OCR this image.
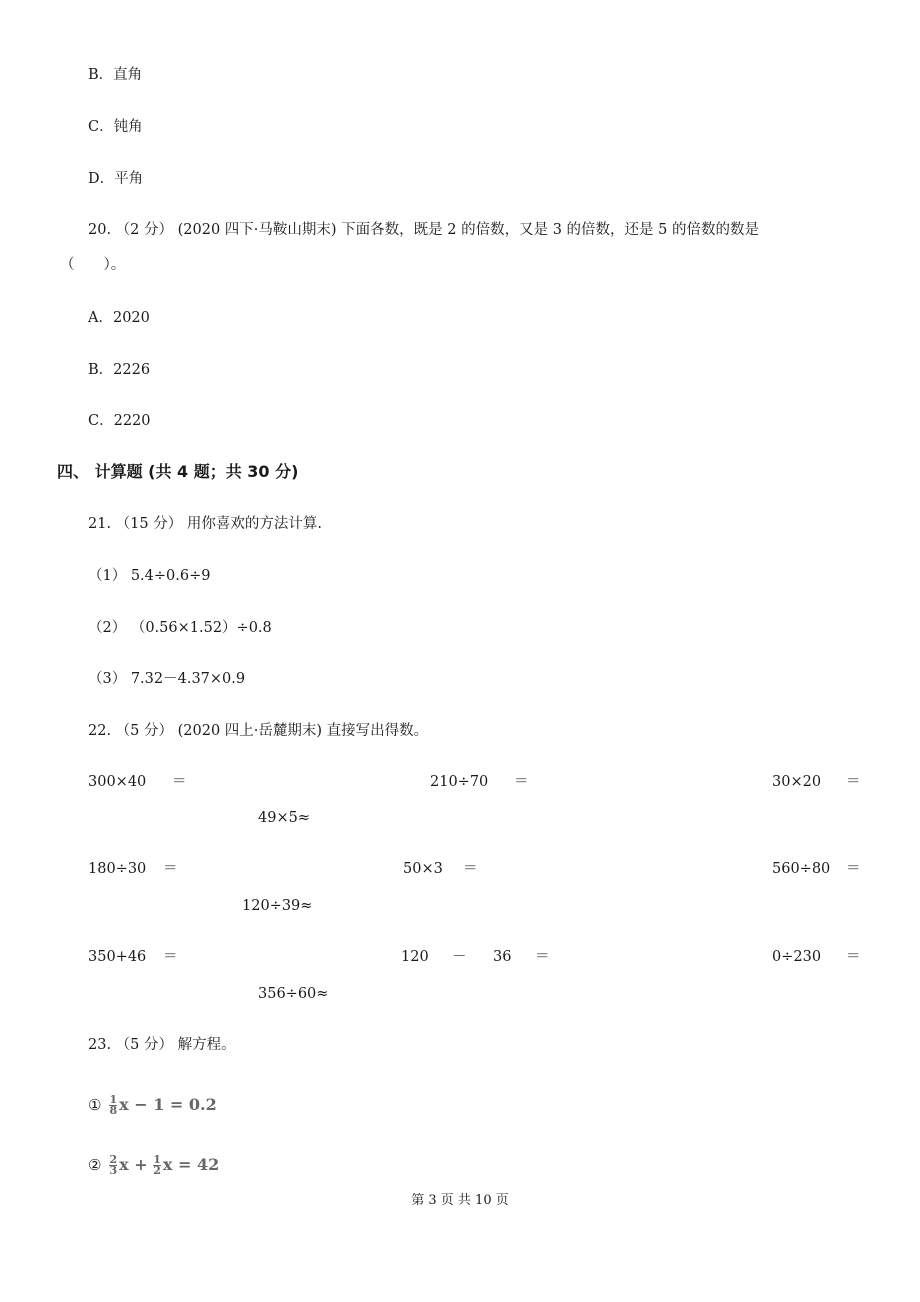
B．直角
C．钝角
D．平角
20. （2 分） (2020 四下·马鞍山期末) 下面各数，既是 2 的倍数，又是 3 的倍数，还是 5 的倍数的数是
（　　）。
A．2020
B．2226
C．2220
四、 计算题 (共 4 题；共 30 分)
21. （15 分） 用你喜欢的方法计算.
（1） 5.4÷0.6÷9
（2） （0.56×1.52）÷0.8
（3） 7.32－4.37×0.9
22. （5 分） (2020 四上·岳麓期末) 直接写出得数。
300×40 ＝	210÷70 ＝	30×20 ＝
49×5≈
180÷30 ＝	50×3 ＝	560÷80 ＝
120÷39≈
350+46 ＝	120 － 36 ＝	0÷230 ＝
356÷60≈
23. （5 分） 解方程。
① $\frac{1}{8}$ x − 1 = 0.2
② $\frac{2}{3}$ $x + \frac{1}{2}$ x = 42
第 3 页 共 10 页
